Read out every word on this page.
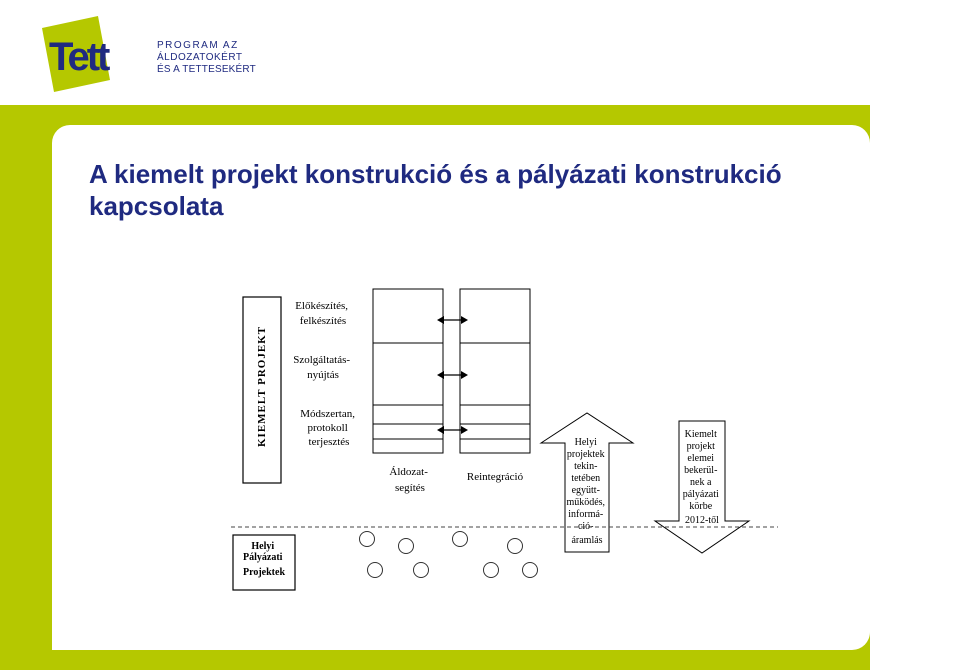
Tett	PROGRAM AZ
ÁLDOZATOKÉRT
ÉS A TETTESEKÉRT
A kiemelt projekt konstrukció és a pályázati konstrukció kapcsolata
KIEMELT PROJEKT
Előkészítés, felkészítés
Szolgáltatás- nyújtás
Módszertan, protokoll terjesztés
Áldozat- segítés
Reintegráció
Helyi projektek tekin- tetében együtt- működés, informá- ció- áramlás
Kiemelt projekt elemei bekerül- nek a pályázati körbe 2012-től
Helyi Pályázati Projektek
